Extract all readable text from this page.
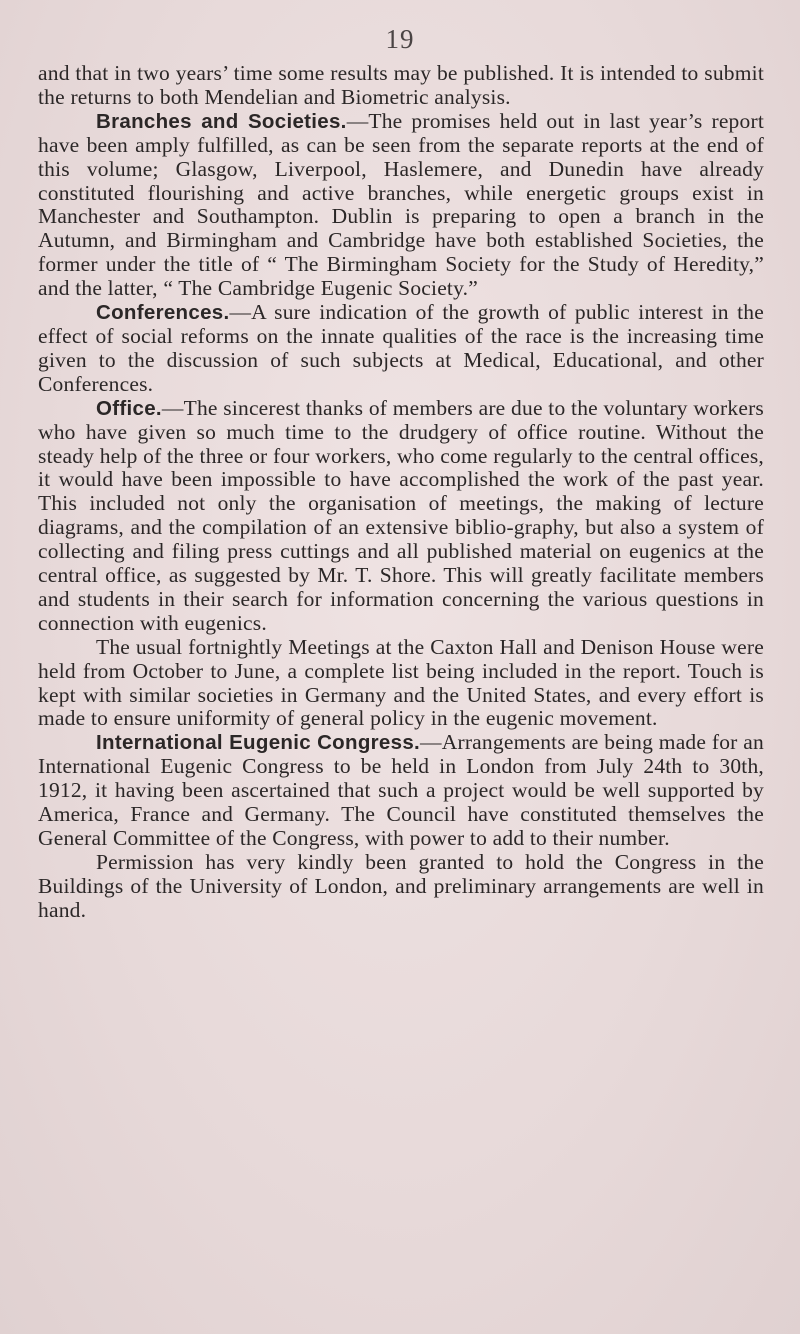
19

and that in two years’ time some results may be published. It is intended to submit the returns to both Mendelian and Biometric analysis.

Branches and Societies.—The promises held out in last year’s report have been amply fulfilled, as can be seen from the separate reports at the end of this volume; Glasgow, Liverpool, Haslemere, and Dunedin have already constituted flourishing and active branches, while energetic groups exist in Manchester and Southampton. Dublin is preparing to open a branch in the Autumn, and Birmingham and Cambridge have both established Societies, the former under the title of “ The Birmingham Society for the Study of Heredity,” and the latter, “ The Cambridge Eugenic Society.”

Conferences.—A sure indication of the growth of public interest in the effect of social reforms on the innate qualities of the race is the increasing time given to the discussion of such subjects at Medical, Educational, and other Conferences.

Office.—The sincerest thanks of members are due to the voluntary workers who have given so much time to the drudgery of office routine. Without the steady help of the three or four workers, who come regularly to the central offices, it would have been impossible to have accomplished the work of the past year. This included not only the organisation of meetings, the making of lecture diagrams, and the compilation of an extensive biblio-graphy, but also a system of collecting and filing press cuttings and all published material on eugenics at the central office, as suggested by Mr. T. Shore. This will greatly facilitate members and students in their search for information concerning the various questions in connection with eugenics.

The usual fortnightly Meetings at the Caxton Hall and Denison House were held from October to June, a complete list being included in the report. Touch is kept with similar societies in Germany and the United States, and every effort is made to ensure uniformity of general policy in the eugenic movement.

International Eugenic Congress.—Arrangements are being made for an International Eugenic Congress to be held in London from July 24th to 30th, 1912, it having been ascertained that such a project would be well supported by America, France and Germany. The Council have constituted themselves the General Committee of the Congress, with power to add to their number.

Permission has very kindly been granted to hold the Congress in the Buildings of the University of London, and preliminary arrangements are well in hand.
